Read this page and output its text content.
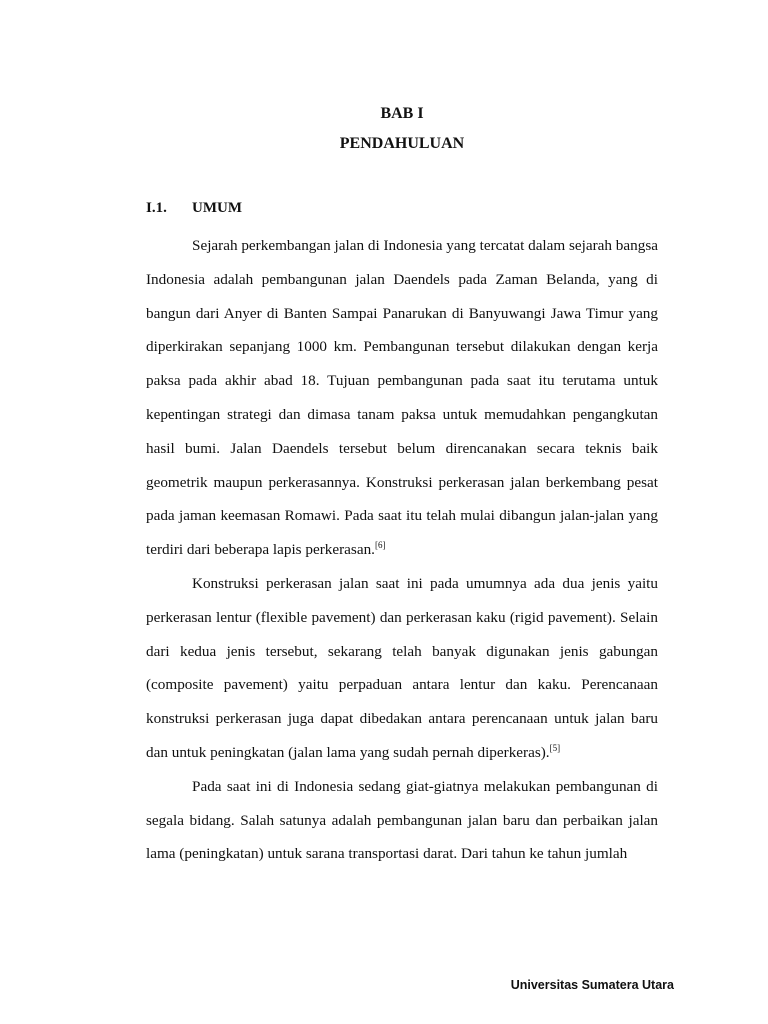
BAB I
PENDAHULUAN
I.1. UMUM

Sejarah perkembangan jalan di Indonesia yang tercatat dalam sejarah bangsa Indonesia adalah pembangunan jalan Daendels pada Zaman Belanda, yang di bangun dari Anyer di Banten Sampai Panarukan di Banyuwangi Jawa Timur yang diperkirakan sepanjang 1000 km. Pembangunan tersebut dilakukan dengan kerja paksa pada akhir abad 18. Tujuan pembangunan pada saat itu terutama untuk kepentingan strategi dan dimasa tanam paksa untuk memudahkan pengangkutan hasil bumi. Jalan Daendels tersebut belum direncanakan secara teknis baik geometrik maupun perkerasannya. Konstruksi perkerasan jalan berkembang pesat pada jaman keemasan Romawi. Pada saat itu telah mulai dibangun jalan-jalan yang terdiri dari beberapa lapis perkerasan.[6]

Konstruksi perkerasan jalan saat ini pada umumnya ada dua jenis yaitu perkerasan lentur (flexible pavement) dan perkerasan kaku (rigid pavement). Selain dari kedua jenis tersebut, sekarang telah banyak digunakan jenis gabungan (composite pavement) yaitu perpaduan antara lentur dan kaku. Perencanaan konstruksi perkerasan juga dapat dibedakan antara perencanaan untuk jalan baru dan untuk peningkatan (jalan lama yang sudah pernah diperkeras).[5]

Pada saat ini di Indonesia sedang giat-giatnya melakukan pembangunan di segala bidang. Salah satunya adalah pembangunan jalan baru dan perbaikan jalan lama (peningkatan) untuk sarana transportasi darat. Dari tahun ke tahun jumlah

Universitas Sumatera Utara
